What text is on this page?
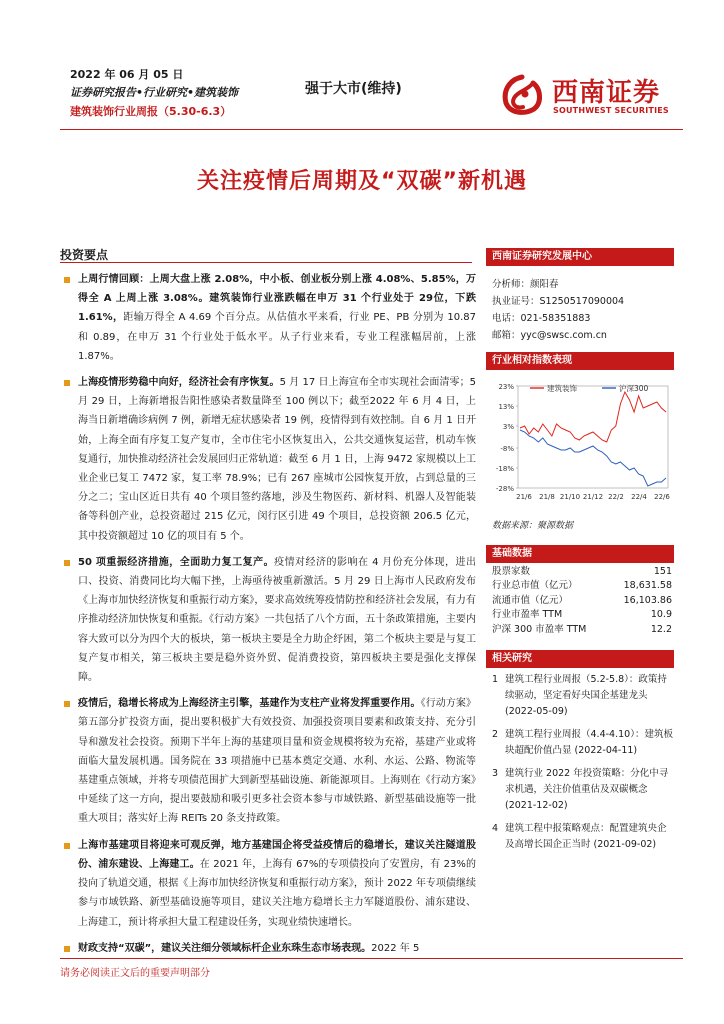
2022 年 06 月 05 日
证券研究报告•行业研究•建筑装饰
建筑装饰行业周报（5.30-6.3）
强于大市(维持)	西南证券
SOUTHWEST SECURITIES
关注疫情后周期及“双碳”新机遇
投资要点
上周行情回顾：上周大盘上涨 2.08%，中小板、创业板分别上涨 4.08%、5.85%，万得全 A 上周上涨 3.08%。建筑装饰行业涨跌幅在申万 31 个行业处于 29位，下跌 1.61%，距输万得全 A 4.69 个百分点。从估值水平来看，行业 PE、PB 分别为 10.87 和 0.89，在申万 31 个行业处于低水平。从子行业来看，专业工程涨幅居前，上涨 1.87%。
上海疫情形势稳中向好，经济社会有序恢复。5 月 17 日上海宣布全市实现社会面清零；5 月 29 日，上海新增报告阳性感染者数量降至 100 例以下；截至2022 年 6 月 4 日，上海当日新增确诊病例 7 例，新增无症状感染者 19 例，疫情得到有效控制。自 6 月 1 日开始，上海全面有序复工复产复市，全市住宅小区恢复出入，公共交通恢复运营，机动车恢复通行，加快推动经济社会发展回归正常轨道：截至 6 月 1 日，上海 9472 家规模以上工业企业已复工 7472 家，复工率 78.9%；已有 267 座城市公园恢复开放，占到总量的三分之二；宝山区近日共有 40 个项目签约落地，涉及生物医药、新材料、机器人及智能装备等科创产业，总投资超过 215 亿元，闵行区引进 49 个项目，总投资额 206.5 亿元，其中投资额超过 10 亿的项目有 5 个。
50 项重振经济措施，全面助力复工复产。疫情对经济的影响在 4 月份充分体现，进出口、投资、消费同比均大幅下挫，上海亟待被重新激活。5 月 29 日上海市人民政府发布《上海市加快经济恢复和重振行动方案》，要求高效统筹疫情防控和经济社会发展，有力有序推动经济加快恢复和重振。《行动方案》一共包括了八个方面，五十条政策措施，主要内容大致可以分为四个大的板块，第一板块主要是全力助企纾困，第二个板块主要是与复工复产复市相关，第三板块主要是稳外资外贸、促消费投资，第四板块主要是强化支撑保障。
疫情后，稳增长将成为上海经济主引擎，基建作为支柱产业将发挥重要作用。《行动方案》第五部分扩投资方面，提出要积极扩大有效投资、加强投资项目要素和政策支持、充分引导和激发社会投资。预期下半年上海的基建项目量和资金规模将较为充裕，基建产业或将面临大量发展机遇。国务院在 33 项措施中已基本奠定交通、水利、水运、公路、物流等基建重点领域，并将专项债范围扩大到新型基础设施、新能源项目。上海则在《行动方案》中延续了这一方向，提出要鼓励和吸引更多社会资本参与市域铁路、新型基础设施等一批重大项目；落实好上海 REITs 20 条支持政策。
上海市基建项目将迎来可观反弹，地方基建国企将受益疫情后的稳增长，建议关注隧道股份、浦东建设、上海建工。在 2021 年，上海有 67%的专项债投向了安置房，有 23%的投向了轨道交通，根据《上海市加快经济恢复和重振行动方案》，预计 2022 年专项债继续参与市域铁路、新型基础设施等项目，建议关注地方稳增长主力军隧道股份、浦东建设、上海建工，预计将承担大量工程建设任务，实现业绩快速增长。
财政支持“双碳”，建议关注细分领域标杆企业东珠生态市场表现。2022 年 5
西南证券研究发展中心
分析师：颜阳春
执业证号：S1250517090004
电话：021-58351883
邮箱：yyc@swsc.com.cn
行业相对指数表现
23%
13%
3%
-8%
-18%
-28%
21/6 21/8 21/10 21/12 22/2 22/4 22/6
建筑装饰	沪深300
数据来源：聚源数据
基础数据
股票家数	151
行业总市值（亿元）	18,631.58
流通市值（亿元）	16,103.86
行业市盈率 TTM	10.9
沪深 300 市盈率 TTM	12.2
相关研究
1 建筑工程行业周报（5.2-5.8）：政策持续驱动，坚定看好央国企基建龙头 (2022-05-09)
2 建筑工程行业周报（4.4-4.10）：建筑板块超配价值凸显 (2022-04-11)
3 建筑行业 2022 年投资策略：分化中寻求机遇，关注价值重估及双碳概念 (2021-12-02)
4 建筑工程中报策略观点：配置建筑央企及高增长国企正当时 (2021-09-02)
请务必阅读正文后的重要声明部分
